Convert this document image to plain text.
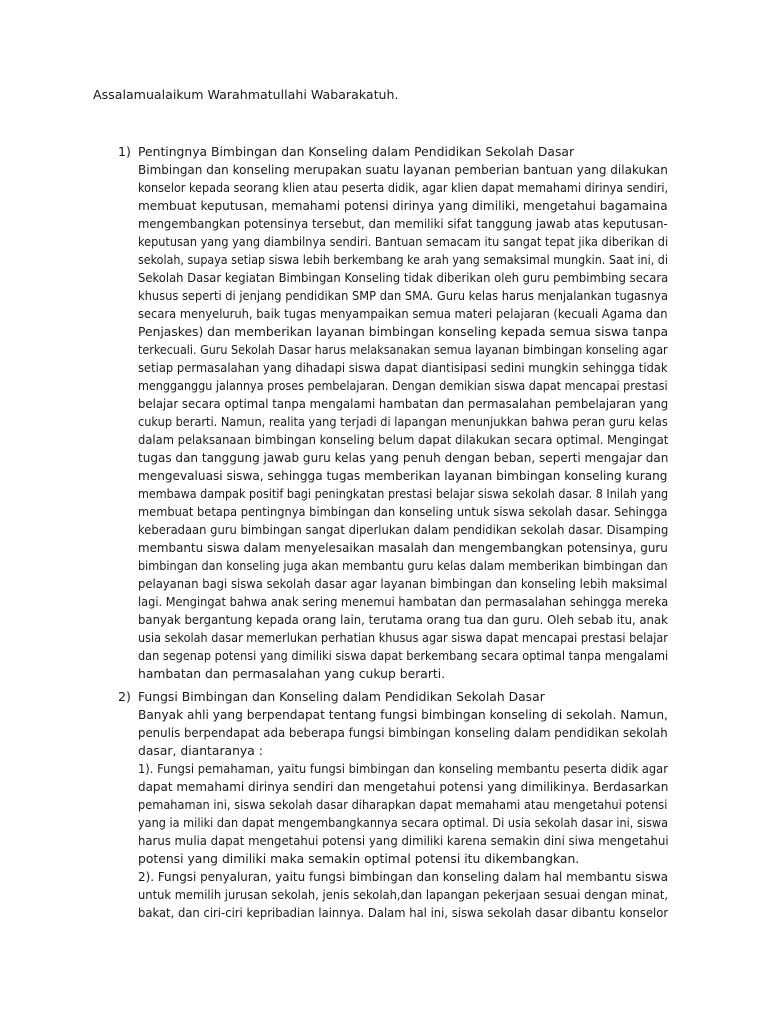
Assalamualaikum Warahmatullahi Wabarakatuh.
1) Pentingnya Bimbingan dan Konseling dalam Pendidikan Sekolah Dasar
Bimbingan dan konseling merupakan suatu layanan pemberian bantuan yang dilakukan
konselor kepada seorang klien atau peserta didik, agar klien dapat memahami dirinya sendiri,
membuat keputusan, memahami potensi dirinya yang dimiliki, mengetahui bagamaina
mengembangkan potensinya tersebut, dan memiliki sifat tanggung jawab atas keputusan-
keputusan yang yang diambilnya sendiri. Bantuan semacam itu sangat tepat jika diberikan di
sekolah, supaya setiap siswa lebih berkembang ke arah yang semaksimal mungkin. Saat ini, di
Sekolah Dasar kegiatan Bimbingan Konseling tidak diberikan oleh guru pembimbing secara
khusus seperti di jenjang pendidikan SMP dan SMA. Guru kelas harus menjalankan tugasnya
secara menyeluruh, baik tugas menyampaikan semua materi pelajaran (kecuali Agama dan
Penjaskes) dan memberikan layanan bimbingan konseling kepada semua siswa tanpa
terkecuali. Guru Sekolah Dasar harus melaksanakan semua layanan bimbingan konseling agar
setiap permasalahan yang dihadapi siswa dapat diantisipasi sedini mungkin sehingga tidak
mengganggu jalannya proses pembelajaran. Dengan demikian siswa dapat mencapai prestasi
belajar secara optimal tanpa mengalami hambatan dan permasalahan pembelajaran yang
cukup berarti. Namun, realita yang terjadi di lapangan menunjukkan bahwa peran guru kelas
dalam pelaksanaan bimbingan konseling belum dapat dilakukan secara optimal. Mengingat
tugas dan tanggung jawab guru kelas yang penuh dengan beban, seperti mengajar dan
mengevaluasi siswa, sehingga tugas memberikan layanan bimbingan konseling kurang
membawa dampak positif bagi peningkatan prestasi belajar siswa sekolah dasar. 8 Inilah yang
membuat betapa pentingnya bimbingan dan konseling untuk siswa sekolah dasar. Sehingga
keberadaan guru bimbingan sangat diperlukan dalam pendidikan sekolah dasar. Disamping
membantu siswa dalam menyelesaikan masalah dan mengembangkan potensinya, guru
bimbingan dan konseling juga akan membantu guru kelas dalam memberikan bimbingan dan
pelayanan bagi siswa sekolah dasar agar layanan bimbingan dan konseling lebih maksimal
lagi. Mengingat bahwa anak sering menemui hambatan dan permasalahan sehingga mereka
banyak bergantung kepada orang lain, terutama orang tua dan guru. Oleh sebab itu, anak
usia sekolah dasar memerlukan perhatian khusus agar siswa dapat mencapai prestasi belajar
dan segenap potensi yang dimiliki siswa dapat berkembang secara optimal tanpa mengalami
hambatan dan permasalahan yang cukup berarti.
2) Fungsi Bimbingan dan Konseling dalam Pendidikan Sekolah Dasar
Banyak ahli yang berpendapat tentang fungsi bimbingan konseling di sekolah. Namun,
penulis berpendapat ada beberapa fungsi bimbingan konseling dalam pendidikan sekolah
dasar, diantaranya :
1). Fungsi pemahaman, yaitu fungsi bimbingan dan konseling membantu peserta didik agar
dapat memahami dirinya sendiri dan mengetahui potensi yang dimilikinya. Berdasarkan
pemahaman ini, siswa sekolah dasar diharapkan dapat memahami atau mengetahui potensi
yang ia miliki dan dapat mengembangkannya secara optimal. Di usia sekolah dasar ini, siswa
harus mulia dapat mengetahui potensi yang dimiliki karena semakin dini siwa mengetahui
potensi yang dimiliki maka semakin optimal potensi itu dikembangkan.
2). Fungsi penyaluran, yaitu fungsi bimbingan dan konseling dalam hal membantu siswa
untuk memilih jurusan sekolah, jenis sekolah,dan lapangan pekerjaan sesuai dengan minat,
bakat, dan ciri-ciri kepribadian lainnya. Dalam hal ini, siswa sekolah dasar dibantu konselor
